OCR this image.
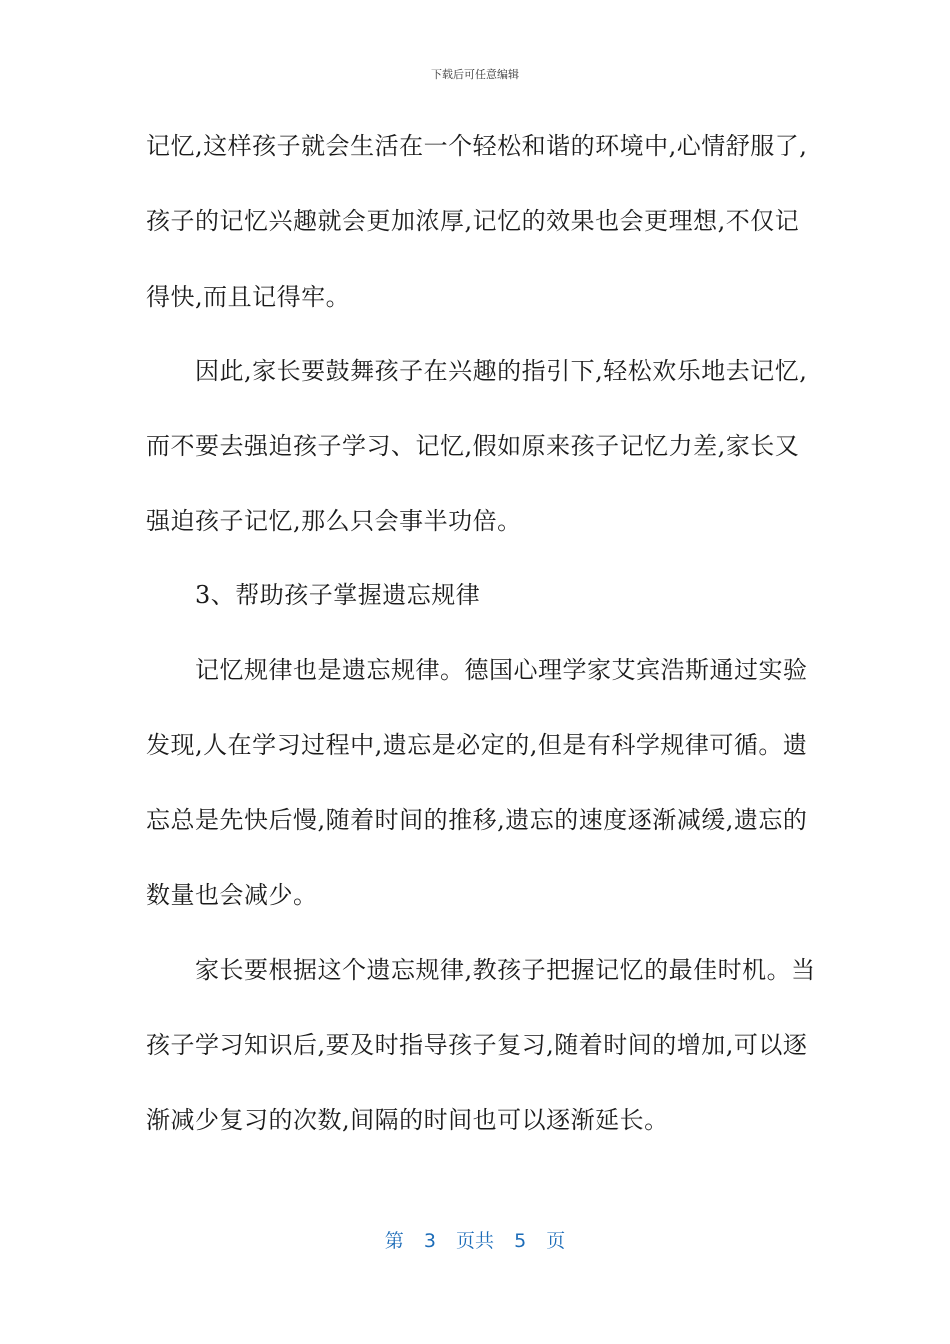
下载后可任意编辑
记忆,这样孩子就会生活在一个轻松和谐的环境中,心情舒服了,
孩子的记忆兴趣就会更加浓厚,记忆的效果也会更理想,不仅记
得快,而且记得牢。
因此,家长要鼓舞孩子在兴趣的指引下,轻松欢乐地去记忆,
而不要去强迫孩子学习、记忆,假如原来孩子记忆力差,家长又
强迫孩子记忆,那么只会事半功倍。
3、帮助孩子掌握遗忘规律
记忆规律也是遗忘规律。德国心理学家艾宾浩斯通过实验
发现,人在学习过程中,遗忘是必定的,但是有科学规律可循。遗
忘总是先快后慢,随着时间的推移,遗忘的速度逐渐减缓,遗忘的
数量也会减少。
家长要根据这个遗忘规律,教孩子把握记忆的最佳时机。当
孩子学习知识后,要及时指导孩子复习,随着时间的增加,可以逐
渐减少复习的次数,间隔的时间也可以逐渐延长。
第  3  页共  5  页
